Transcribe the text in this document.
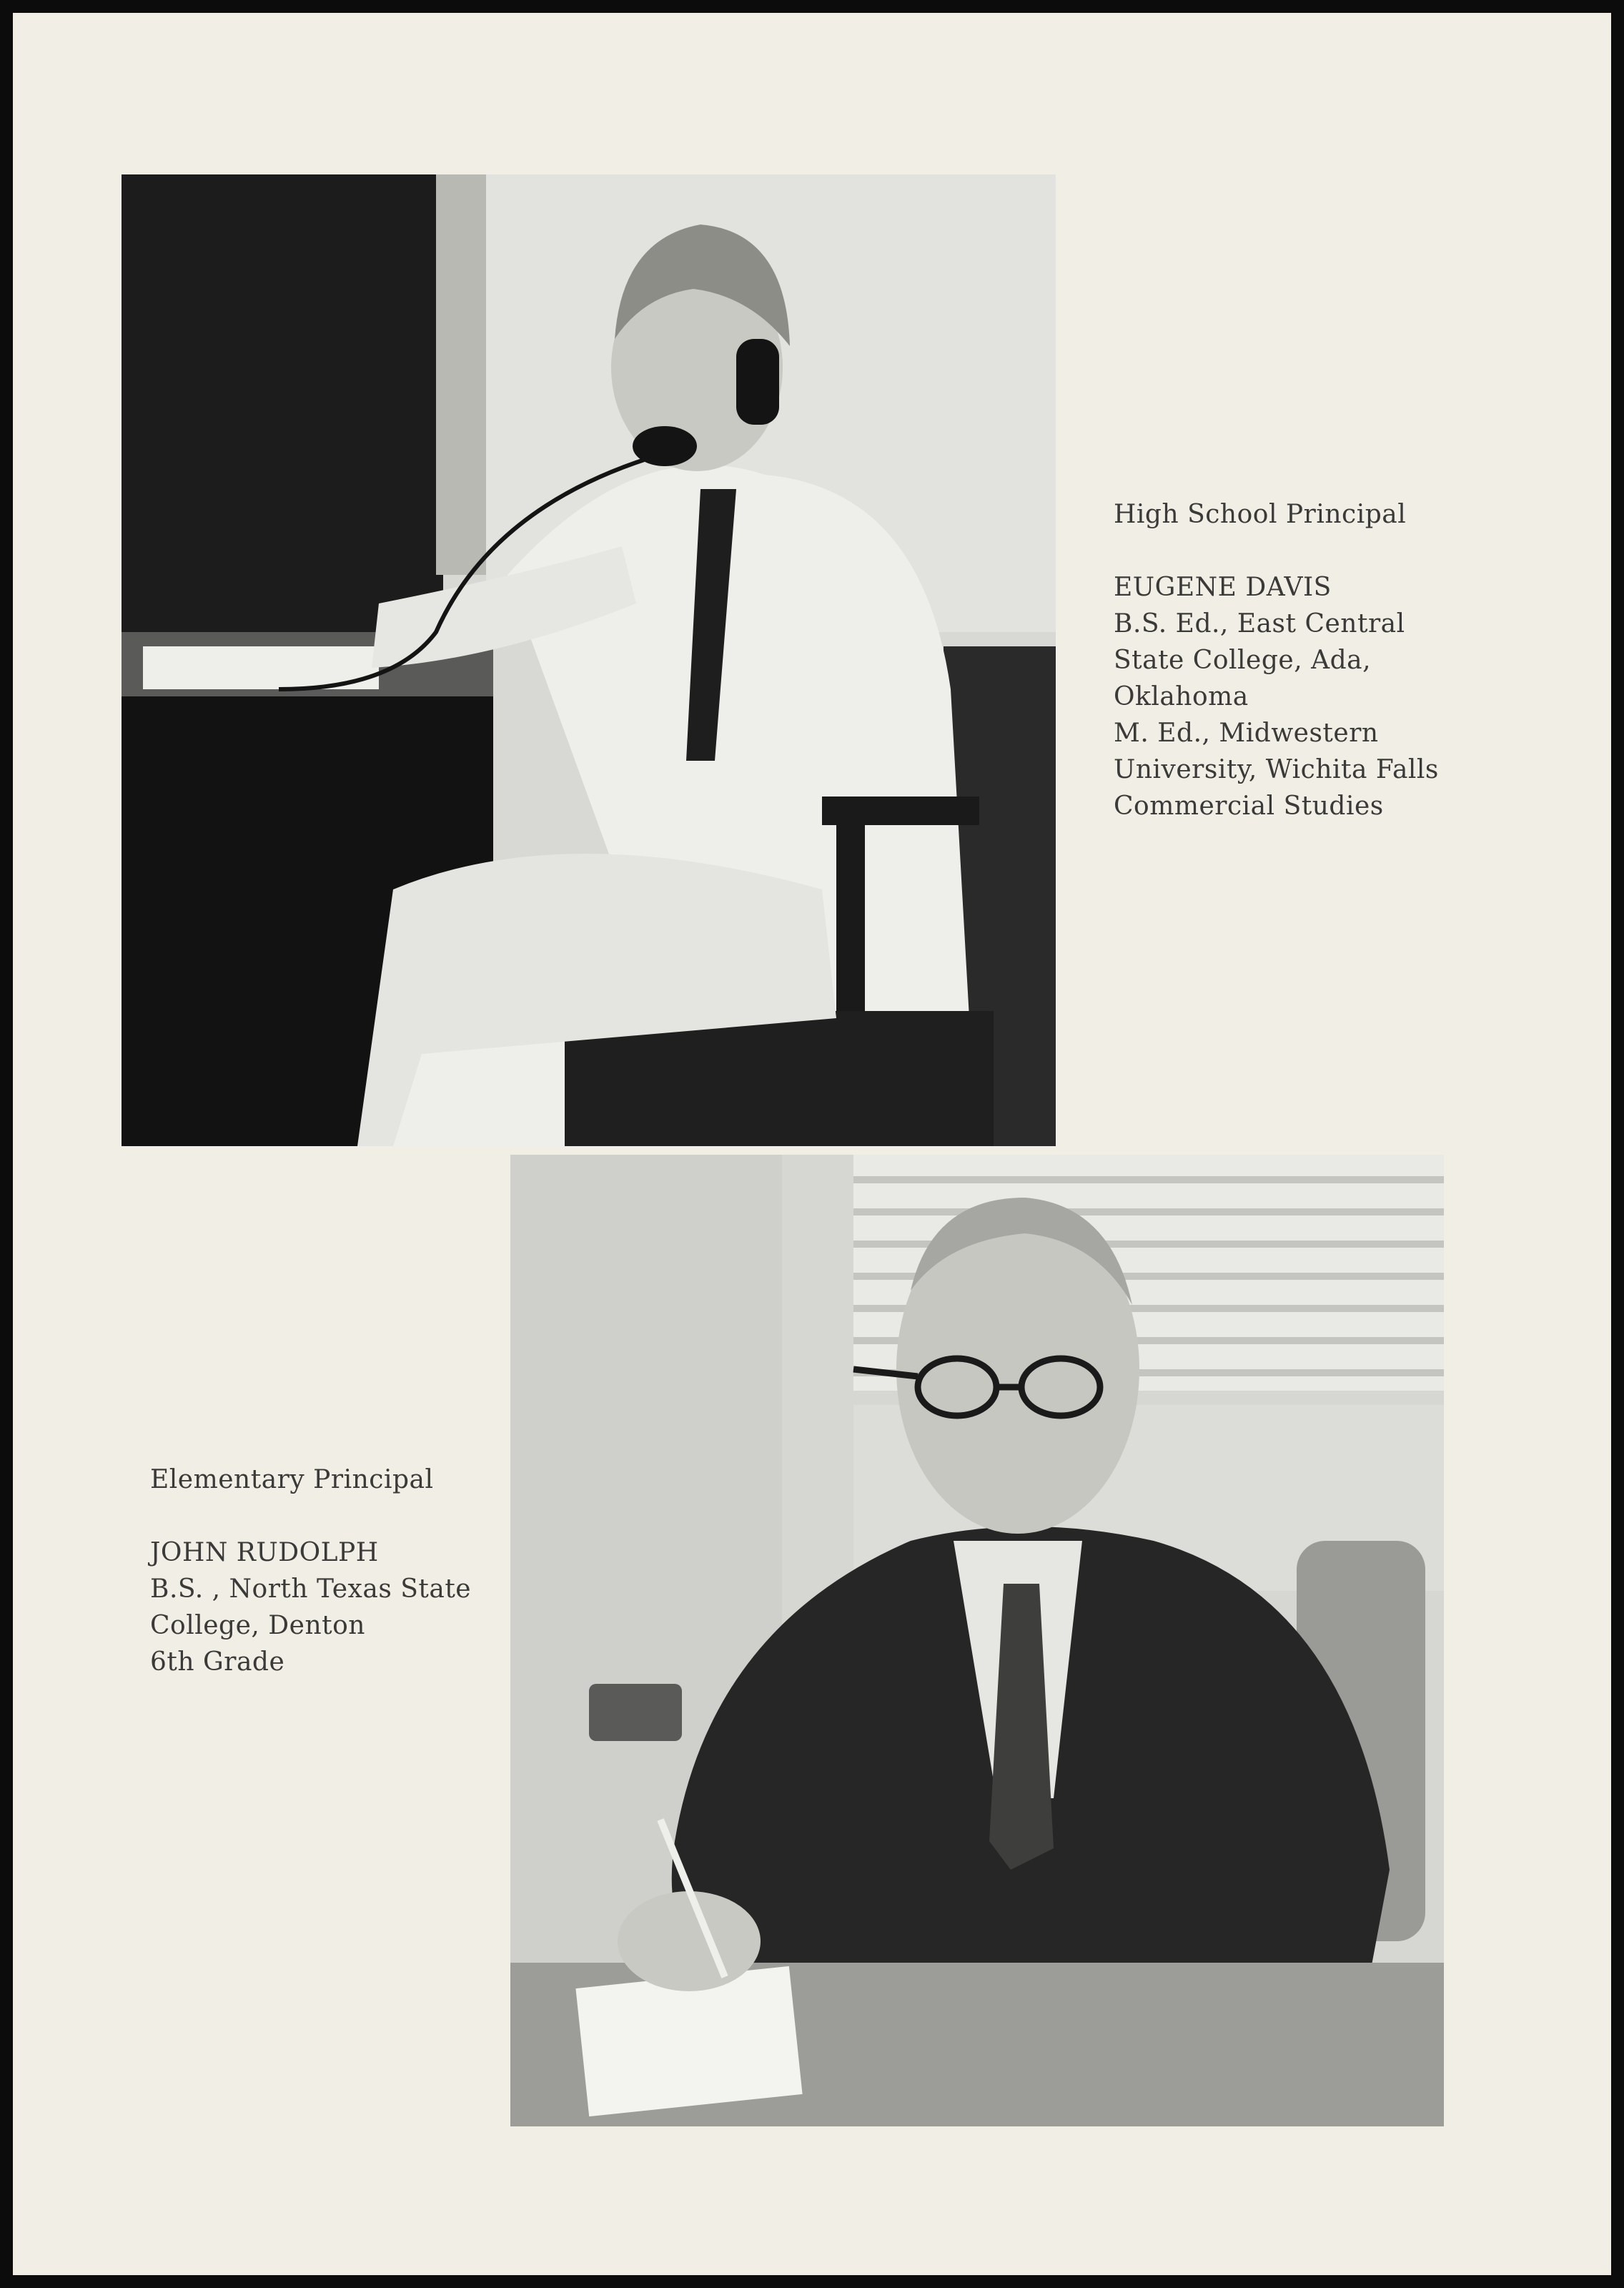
High School Principal
EUGENE DAVIS
B.S. Ed., East Central
State College, Ada,
Oklahoma
M. Ed., Midwestern
University, Wichita Falls
Commercial Studies
Elementary Principal
JOHN RUDOLPH
B.S. , North Texas State
College, Denton
6th Grade
